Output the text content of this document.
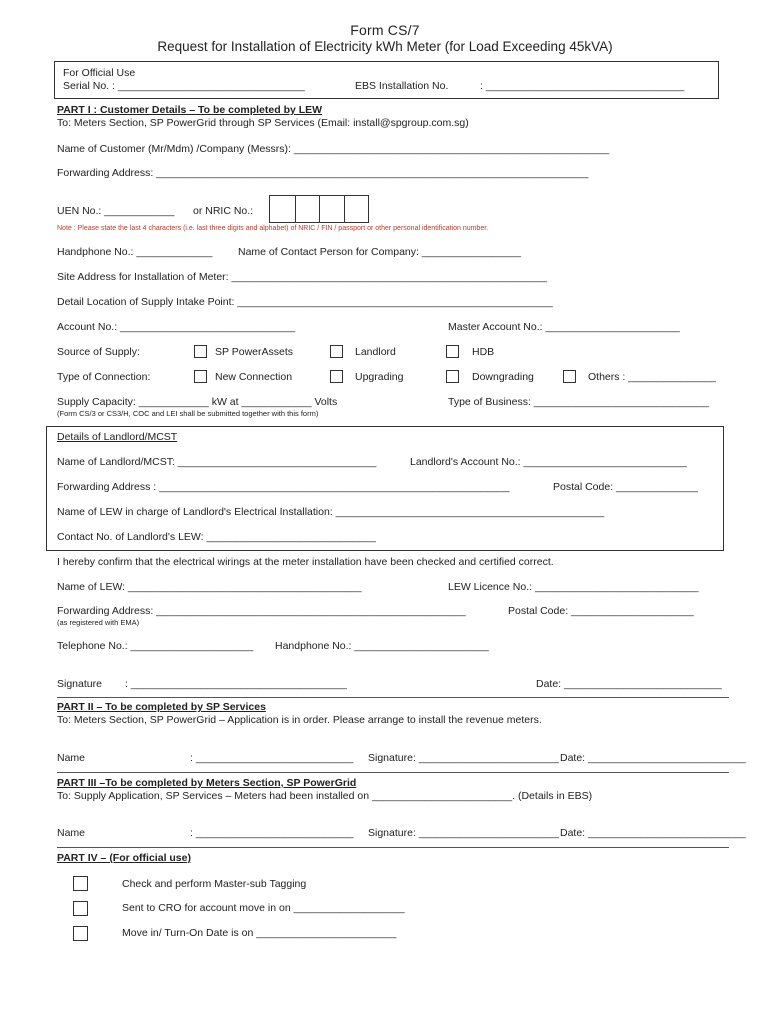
Form CS/7
Request for Installation of Electricity kWh Meter (for Load Exceeding 45kVA)
For Official Use
Serial No. : ________________________________	EBS Installation No.	: __________________________________
PART I : Customer Details – To be completed by LEW
To: Meters Section, SP PowerGrid through SP Services (Email: install@spgroup.com.sg)
Name of Customer (Mr/Mdm) /Company (Messrs): ______________________________________________________
Forwarding Address: __________________________________________________________________________
UEN No.: ____________ or NRIC No.:
Note : Please state the last 4 characters (i.e. last three digits and alphabet) of NRIC / FIN / passport or other personal identification number.
Handphone No.: _____________ Name of Contact Person for Company: _________________
Site Address for Installation of Meter: ______________________________________________________
Detail Location of Supply Intake Point: ______________________________________________________
Account No.: ______________________________	Master Account No.: _______________________
Source of Supply:	SP PowerAssets	Landlord	HDB
Type of Connection:	New Connection	Upgrading	Downgrading	Others : _______________
Supply Capacity: ____________ kW at ____________ Volts
(Form CS/3 or CS3/H, COC and LEI shall be submitted together with this form)
Type of Business: ______________________________
Details of Landlord/MCST
Name of Landlord/MCST: __________________________________	Landlord's Account No.: ____________________________
Forwarding Address : ____________________________________________________________	Postal Code: ______________
Name of LEW in charge of Landlord's Electrical Installation: ______________________________________________
Contact No. of Landlord's LEW: _____________________________
I hereby confirm that the electrical wirings at the meter installation have been checked and certified correct.
Name of LEW: ________________________________________	LEW Licence No.: ____________________________
Forwarding Address: _____________________________________________________	Postal Code: _____________________
(as registered with EMA)
Telephone No.: _____________________ Handphone No.: _______________________
Signature : _____________________________________	Date: ___________________________
PART II – To be completed by SP Services
To: Meters Section, SP PowerGrid – Application is in order. Please arrange to install the revenue meters.
Name	: ___________________________ Signature: ________________________ Date: ___________________________
PART III –To be completed by Meters Section, SP PowerGrid
To: Supply Application, SP Services – Meters had been installed on ________________________. (Details in EBS)
Name	: ___________________________ Signature: ________________________ Date: ___________________________
PART IV – (For official use)
Check and perform Master-sub Tagging
Sent to CRO for account move in on ___________________
Move in/ Turn-On Date is on ________________________
